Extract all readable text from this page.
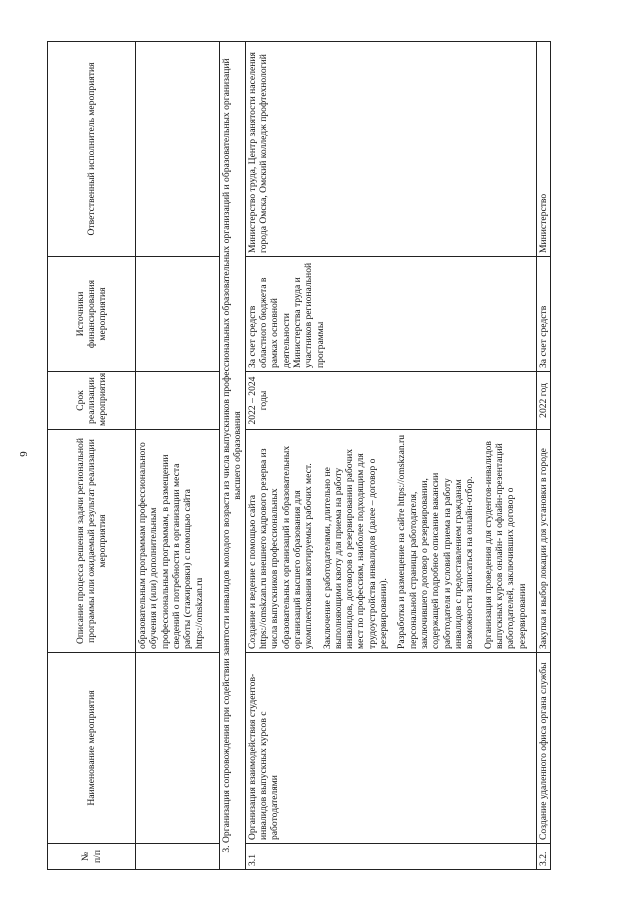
6
№ п/п	Наименование мероприятия	Описание процесса решения задачи региональной программы или ожидаемый результат реализации мероприятия	Срок реализации мероприятия	Источники финансирования мероприятия	Ответственный исполнитель мероприятия
		образовательным программам профессионального обучения и (или) дополнительным профессиональным программам, в размещении сведений о потребности в организации места работы (стажировки) с помощью сайта https://omskzan.ru			
3. Организация сопровождения при содействии занятости инвалидов молодого возраста из числа выпускников профессиональных образовательных организаций и образовательных организаций высшего образования					
3.1	Организация взаимодействия студентов-инвалидов выпускных курсов с работодателями	Создание и ведение с помощью сайта https://omskzan.ru внешнего кадрового резерва из числа выпускников профессиональных образовательных организаций и образовательных организаций высшего образования для укомплектования квотируемых рабочих мест. Заключение с работодателями, длительно не выполняющими квоту для приема на работу инвалидов, договоров о резервировании рабочих мест по профессиям, наиболее подходящим для трудоустройства инвалидов (далее – договор о резервировании). Разработка и размещение на сайте https://omskzan.ru персональной страницы работодателя, заключившего договор о резервировании, содержащей подробное описание вакансии работодателя и условий приема на работу инвалидов с предоставлением гражданам возможности записаться на онлайн-отбор. Организация проведения для студентов-инвалидов выпускных курсов онлайн- и офлайн-презентаций работодателей, заключивших договор о резервировании	2022 – 2024 годы	За счет средств областного бюджета в рамках основной деятельности Министерства труда и участников региональной программы	Министерство труда, Центр занятости населения города Омска, Омский колледж профтехнологий
3.2.	Создание удаленного офиса органа службы	Закупка и выбор локации для установки в городе	2022 год	За счет средств	Министерство
